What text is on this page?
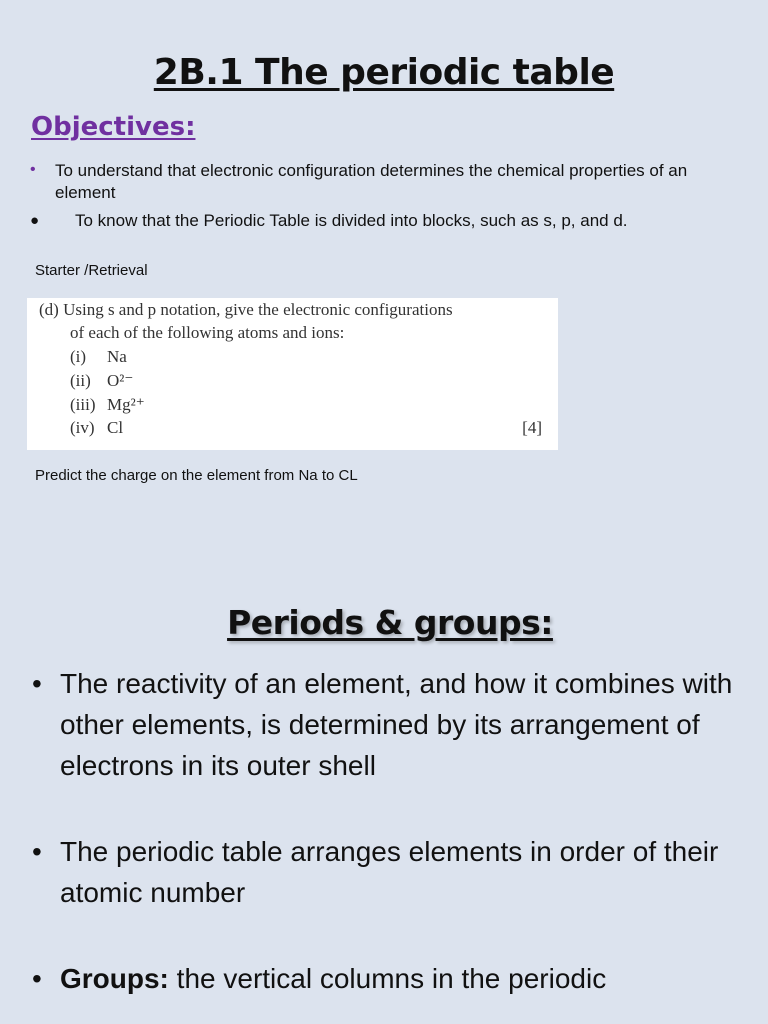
2B.1 The periodic table
Objectives:
• To understand that electronic configuration determines the chemical properties of an element
● To know that the Periodic Table is divided into blocks, such as s, p, and d.
Starter /Retrieval
(d) Using s and p notation, give the electronic configurations
of each of the following atoms and ions:
(i) Na
(ii) O²⁻
(iii) Mg²⁺
(iv) Cl	[4]
Predict the charge on the element from Na to CL
Periods & groups:
• The reactivity of an element, and how it combines with other elements, is determined by its arrangement of electrons in its outer shell
• The periodic table arranges elements in order of their atomic number
• Groups: the vertical columns in the periodic
